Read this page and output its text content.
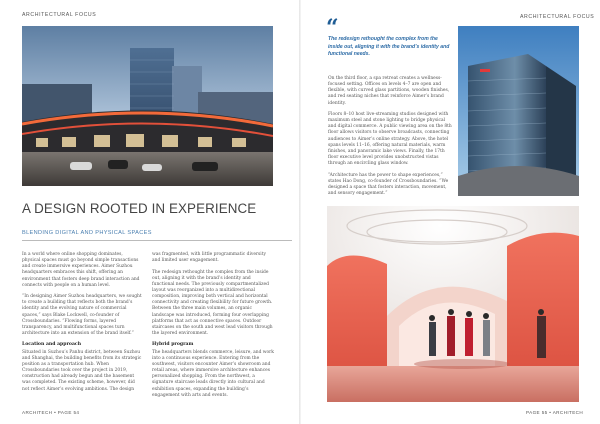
ARCHITECTURAL FOCUS
A DESIGN ROOTED IN EXPERIENCE
BLENDING DIGITAL AND PHYSICAL SPACES

In a world where online shopping dominates, physical spaces must go beyond simple transactions and create immersive experiences. Aimer Suzhou headquarters embraces this shift, offering an environment that fosters deep brand interaction and connects with people on a human level.

“In designing Aimer Suzhou headquarters, we sought to create a building that reflects both the brand’s identity and the evolving nature of commercial spaces,” says Blake Lockwell, co-founder of Crossboundaries. “Flowing forms, layered transparency, and multifunctional spaces turn architecture into an extension of the brand itself.”

Location and approach

Situated in Suzhou’s Panhu district, between Suzhou and Shanghai, the building benefits from its strategic position as a transportation hub. When Crossboundaries took over the project in 2019, construction had already begun and the basement was completed. The existing scheme, however, did not reflect Aimer’s evolving ambitions. The design

was fragmented, with little programmatic diversity and limited user engagement.

The redesign rethought the complex from the inside out, aligning it with the brand’s identity and functional needs. The previously compartmentalized layout was reorganized into a multidirectional composition, improving both vertical and horizontal connectivity and creating flexibility for future growth. Between the three main volumes, an organic landscape was introduced, forming four overlapping platforms that act as connective spaces. Outdoor staircases on the south and west lead visitors through the layered environment.

Hybrid program

The headquarters blends commerce, leisure, and work into a continuous experience. Entering from the southwest, visitors encounter Aimer’s showroom and retail areas, where immersive architecture enhances personalized shopping. From the northwest, a signature staircase leads directly into cultural and exhibition spaces, expanding the building’s engagement with arts and events.

ARCHITECH • PAGE 54
ARCHITECTURAL FOCUS
“
The redesign rethought the complex from the inside out, aligning it with the brand’s identity and functional needs.

On the third floor, a spa retreat creates a wellness-focused setting. Offices on levels 4–7 are open and flexible, with curved glass partitions, wooden finishes, and red seating niches that reinforce Aimer’s brand identity.

Floors 8–10 host live-streaming studios designed with maximum steel and stone lighting to bridge physical and digital commerce. A public viewing area on the 8th floor allows visitors to observe broadcasts, connecting audiences to Aimer’s online strategy. Above, the hotel spans levels 11–16, offering natural materials, warm finishes, and panoramic lake views. Finally, the 17th floor executive level provides unobstructed vistas through an encircling glass window.

“Architecture has the power to shape experiences,” states Hao Dong, co-founder of Crossboundaries. “We designed a space that fosters interaction, movement, and sensory engagement.”

PAGE 55 • ARCHITECH
